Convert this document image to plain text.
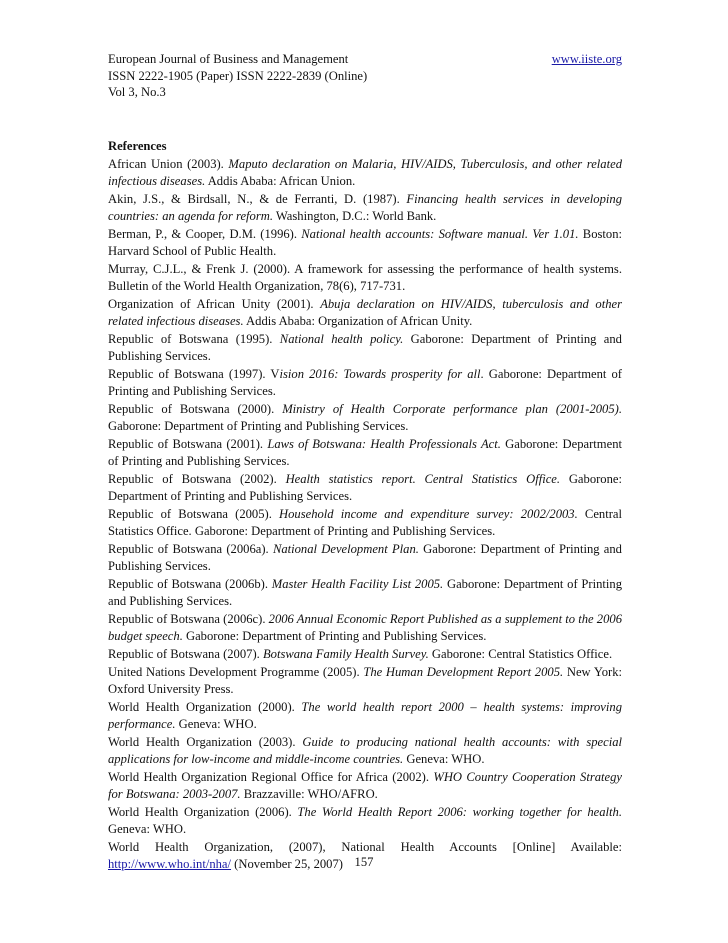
European Journal of Business and Management	www.iiste.org
ISSN 2222-1905 (Paper) ISSN 2222-2839 (Online)
Vol 3, No.3
References
African Union (2003). Maputo declaration on Malaria, HIV/AIDS, Tuberculosis, and other related infectious diseases. Addis Ababa: African Union.
Akin, J.S., & Birdsall, N., & de Ferranti, D. (1987). Financing health services in developing countries: an agenda for reform. Washington, D.C.: World Bank.
Berman, P., & Cooper, D.M. (1996). National health accounts: Software manual. Ver 1.01. Boston: Harvard School of Public Health.
Murray, C.J.L., & Frenk J. (2000). A framework for assessing the performance of health systems. Bulletin of the World Health Organization, 78(6), 717-731.
Organization of African Unity (2001). Abuja declaration on HIV/AIDS, tuberculosis and other related infectious diseases. Addis Ababa: Organization of African Unity.
Republic of Botswana (1995). National health policy. Gaborone: Department of Printing and Publishing Services.
Republic of Botswana (1997). Vision 2016: Towards prosperity for all. Gaborone: Department of Printing and Publishing Services.
Republic of Botswana (2000). Ministry of Health Corporate performance plan (2001-2005). Gaborone: Department of Printing and Publishing Services.
Republic of Botswana (2001). Laws of Botswana: Health Professionals Act. Gaborone: Department of Printing and Publishing Services.
Republic of Botswana (2002). Health statistics report. Central Statistics Office. Gaborone: Department of Printing and Publishing Services.
Republic of Botswana (2005). Household income and expenditure survey: 2002/2003. Central Statistics Office. Gaborone: Department of Printing and Publishing Services.
Republic of Botswana (2006a). National Development Plan. Gaborone: Department of Printing and Publishing Services.
Republic of Botswana (2006b). Master Health Facility List 2005. Gaborone: Department of Printing and Publishing Services.
Republic of Botswana (2006c). 2006 Annual Economic Report Published as a supplement to the 2006 budget speech. Gaborone: Department of Printing and Publishing Services.
Republic of Botswana (2007). Botswana Family Health Survey. Gaborone: Central Statistics Office.
United Nations Development Programme (2005). The Human Development Report 2005. New York: Oxford University Press.
World Health Organization (2000). The world health report 2000 – health systems: improving performance. Geneva: WHO.
World Health Organization (2003). Guide to producing national health accounts: with special applications for low-income and middle-income countries. Geneva: WHO.
World Health Organization Regional Office for Africa (2002). WHO Country Cooperation Strategy for Botswana: 2003-2007. Brazzaville: WHO/AFRO.
World Health Organization (2006). The World Health Report 2006: working together for health. Geneva: WHO.
World Health Organization, (2007), National Health Accounts [Online] Available: http://www.who.int/nha/ (November 25, 2007) 157
